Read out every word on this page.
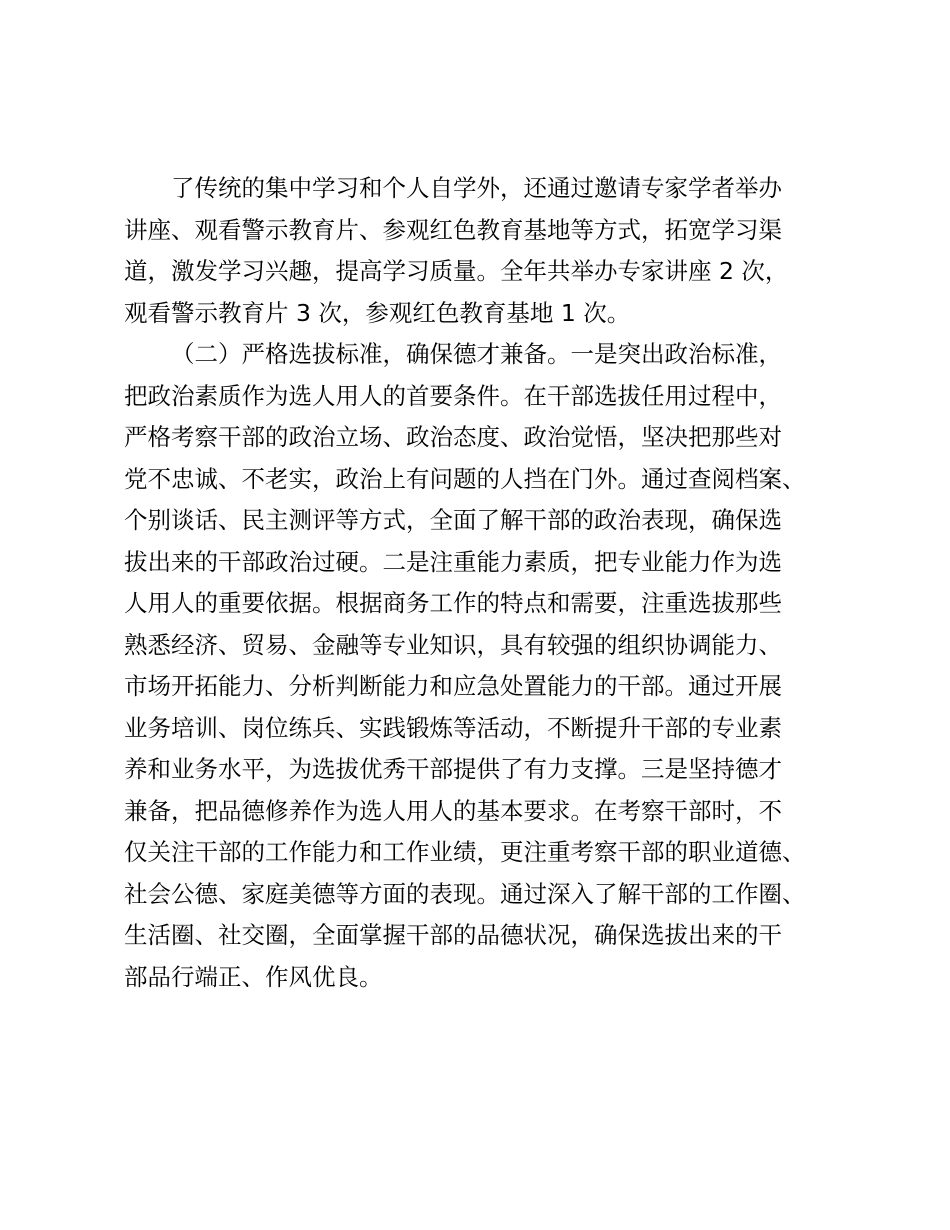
了传统的集中学习和个人自学外，还通过邀请专家学者举办
讲座、观看警示教育片、参观红色教育基地等方式，拓宽学习渠
道，激发学习兴趣，提高学习质量。全年共举办专家讲座 2 次，
观看警示教育片 3 次，参观红色教育基地 1 次。
（二）严格选拔标准，确保德才兼备。一是突出政治标准，
把政治素质作为选人用人的首要条件。在干部选拔任用过程中，
严格考察干部的政治立场、政治态度、政治觉悟，坚决把那些对
党不忠诚、不老实，政治上有问题的人挡在门外。通过查阅档案、
个别谈话、民主测评等方式，全面了解干部的政治表现，确保选
拔出来的干部政治过硬。二是注重能力素质，把专业能力作为选
人用人的重要依据。根据商务工作的特点和需要，注重选拔那些
熟悉经济、贸易、金融等专业知识，具有较强的组织协调能力、
市场开拓能力、分析判断能力和应急处置能力的干部。通过开展
业务培训、岗位练兵、实践锻炼等活动，不断提升干部的专业素
养和业务水平，为选拔优秀干部提供了有力支撑。三是坚持德才
兼备，把品德修养作为选人用人的基本要求。在考察干部时，不
仅关注干部的工作能力和工作业绩，更注重考察干部的职业道德、
社会公德、家庭美德等方面的表现。通过深入了解干部的工作圈、
生活圈、社交圈，全面掌握干部的品德状况，确保选拔出来的干
部品行端正、作风优良。
